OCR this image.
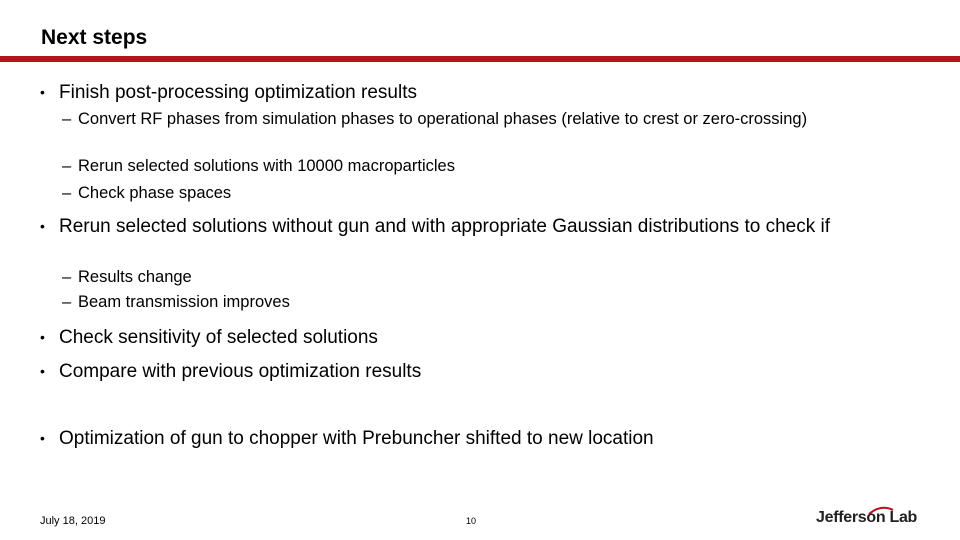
Next steps
• Finish post-processing optimization results
– Convert RF phases from simulation phases to operational phases (relative to crest or zero-crossing)
– Rerun selected solutions with 10000 macroparticles
– Check phase spaces
• Rerun selected solutions without gun and with appropriate Gaussian distributions to check if
– Results change
– Beam transmission improves
• Check sensitivity of selected solutions
• Compare with previous optimization results
• Optimization of gun to chopper with Prebuncher shifted to new location
July 18, 2019	10	Jefferson Lab
